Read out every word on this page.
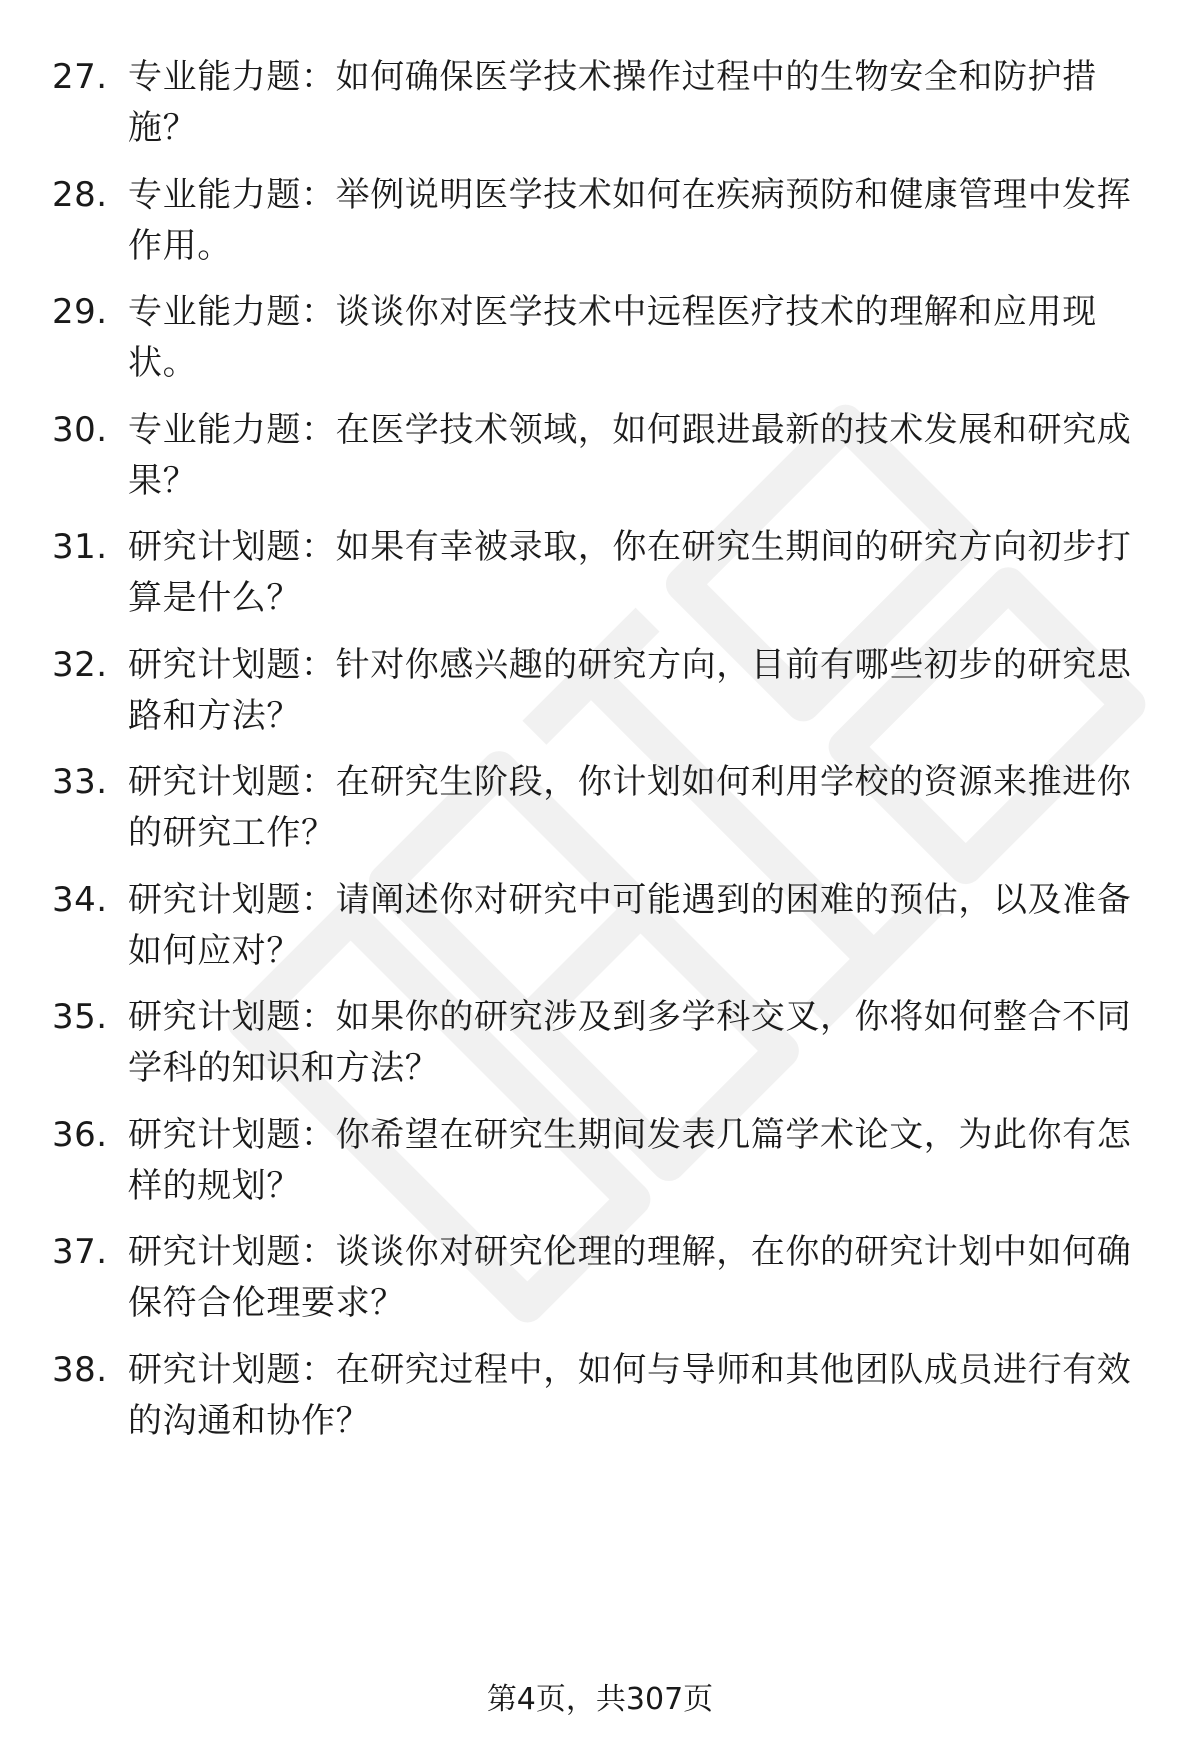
27. 专业能力题：如何确保医学技术操作过程中的生物安全和防护措施？
28. 专业能力题：举例说明医学技术如何在疾病预防和健康管理中发挥作用。
29. 专业能力题：谈谈你对医学技术中远程医疗技术的理解和应用现状。
30. 专业能力题：在医学技术领域，如何跟进最新的技术发展和研究成果？
31. 研究计划题：如果有幸被录取，你在研究生期间的研究方向初步打算是什么？
32. 研究计划题：针对你感兴趣的研究方向，目前有哪些初步的研究思路和方法？
33. 研究计划题：在研究生阶段，你计划如何利用学校的资源来推进你的研究工作？
34. 研究计划题：请阐述你对研究中可能遇到的困难的预估，以及准备如何应对？
35. 研究计划题：如果你的研究涉及到多学科交叉，你将如何整合不同学科的知识和方法？
36. 研究计划题：你希望在研究生期间发表几篇学术论文，为此你有怎样的规划？
37. 研究计划题：谈谈你对研究伦理的理解，在你的研究计划中如何确保符合伦理要求？
38. 研究计划题：在研究过程中，如何与导师和其他团队成员进行有效的沟通和协作？
第4页，共307页
